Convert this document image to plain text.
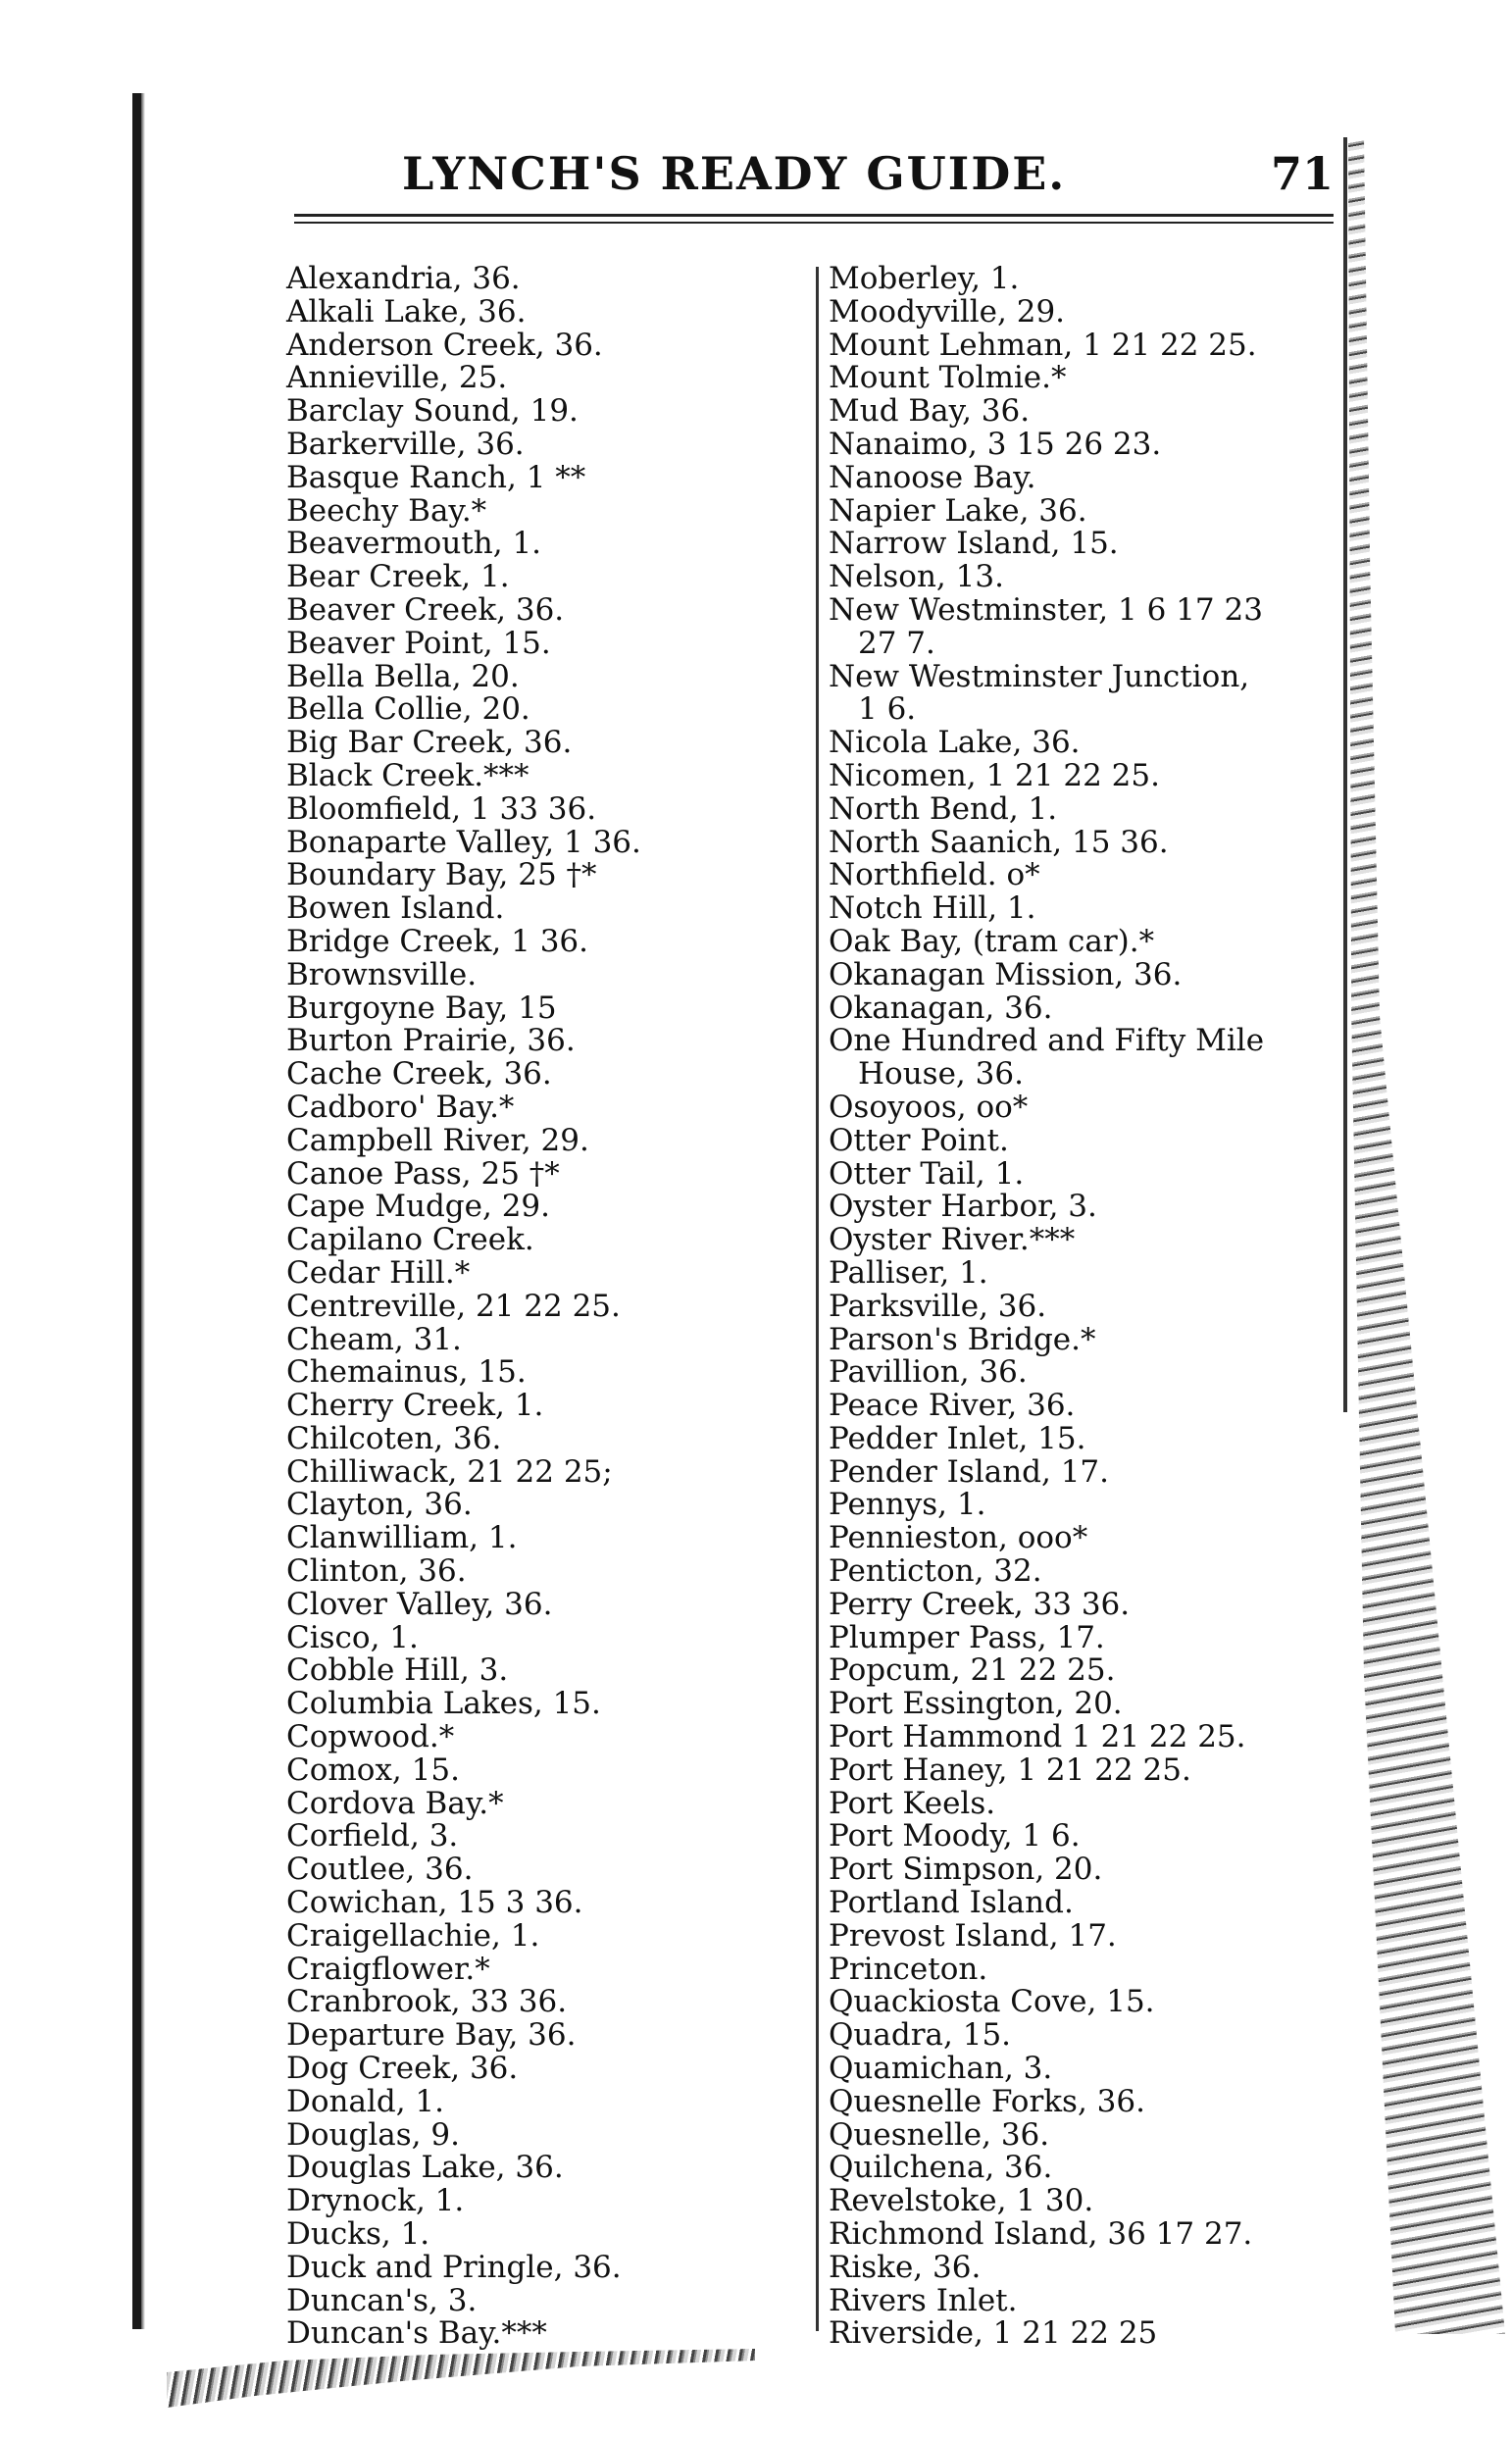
LYNCH'S READY GUIDE.	71
Alexandria, 36.
Alkali Lake, 36.
Anderson Creek, 36.
Annieville, 25.
Barclay Sound, 19.
Barkerville, 36.
Basque Ranch, 1 **
Beechy Bay.*
Beavermouth, 1.
Bear Creek, 1.
Beaver Creek, 36.
Beaver Point, 15.
Bella Bella, 20.
Bella Collie, 20.
Big Bar Creek, 36.
Black Creek.***
Bloomfield, 1 33 36.
Bonaparte Valley, 1 36.
Boundary Bay, 25 †*
Bowen Island.
Bridge Creek, 1 36.
Brownsville.
Burgoyne Bay, 15
Burton Prairie, 36.
Cache Creek, 36.
Cadboro' Bay.*
Campbell River, 29.
Canoe Pass, 25 †*
Cape Mudge, 29.
Capilano Creek.
Cedar Hill.*
Centreville, 21 22 25.
Cheam, 31.
Chemainus, 15.
Cherry Creek, 1.
Chilcoten, 36.
Chilliwack, 21 22 25;
Clayton, 36.
Clanwilliam, 1.
Clinton, 36.
Clover Valley, 36.
Cisco, 1.
Cobble Hill, 3.
Columbia Lakes, 15.
Copwood.*
Comox, 15.
Cordova Bay.*
Corfield, 3.
Coutlee, 36.
Cowichan, 15 3 36.
Craigellachie, 1.
Craigflower.*
Cranbrook, 33 36.
Departure Bay, 36.
Dog Creek, 36.
Donald, 1.
Douglas, 9.
Douglas Lake, 36.
Drynock, 1.
Ducks, 1.
Duck and Pringle, 36.
Duncan's, 3.
Duncan's Bay.***
Moberley, 1.
Moodyville, 29.
Mount Lehman, 1 21 22 25.
Mount Tolmie.*
Mud Bay, 36.
Nanaimo, 3 15 26 23.
Nanoose Bay.
Napier Lake, 36.
Narrow Island, 15.
Nelson, 13.
New Westminster, 1 6 17 23
27 7.
New Westminster Junction,
1 6.
Nicola Lake, 36.
Nicomen, 1 21 22 25.
North Bend, 1.
North Saanich, 15 36.
Northfield. o*
Notch Hill, 1.
Oak Bay, (tram car).*
Okanagan Mission, 36.
Okanagan, 36.
One Hundred and Fifty Mile
House, 36.
Osoyoos, oo*
Otter Point.
Otter Tail, 1.
Oyster Harbor, 3.
Oyster River.***
Palliser, 1.
Parksville, 36.
Parson's Bridge.*
Pavillion, 36.
Peace River, 36.
Pedder Inlet, 15.
Pender Island, 17.
Pennys, 1.
Pennieston, ooo*
Penticton, 32.
Perry Creek, 33 36.
Plumper Pass, 17.
Popcum, 21 22 25.
Port Essington, 20.
Port Hammond 1 21 22 25.
Port Haney, 1 21 22 25.
Port Keels.
Port Moody, 1 6.
Port Simpson, 20.
Portland Island.
Prevost Island, 17.
Princeton.
Quackiosta Cove, 15.
Quadra, 15.
Quamichan, 3.
Quesnelle Forks, 36.
Quesnelle, 36.
Quilchena, 36.
Revelstoke, 1 30.
Richmond Island, 36 17 27.
Riske, 36.
Rivers Inlet.
Riverside, 1 21 22 25
